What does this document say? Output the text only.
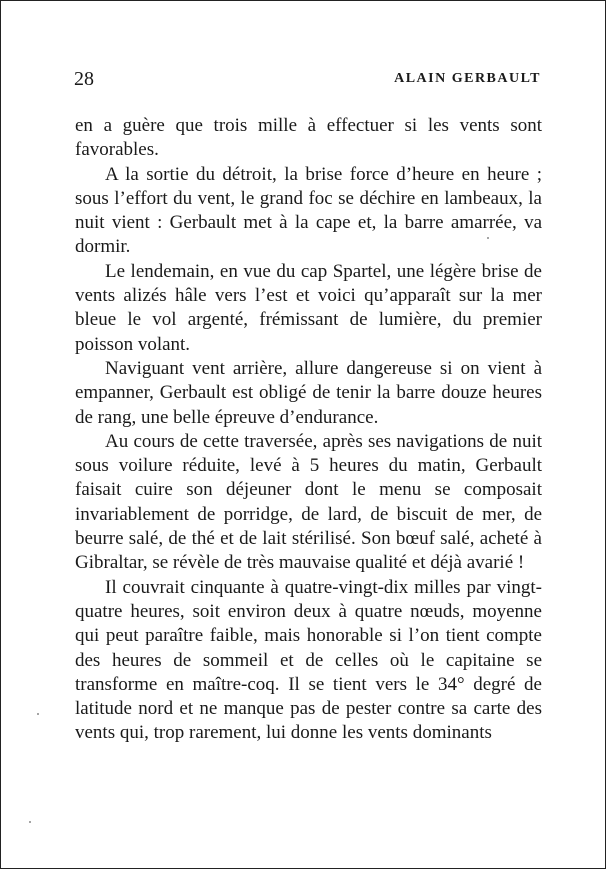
28	ALAIN GERBAULT

en a guère que trois mille à effectuer si les vents sont favorables.

A la sortie du détroit, la brise force d’heure en heure ; sous l’effort du vent, le grand foc se déchire en lambeaux, la nuit vient : Gerbault met à la cape et, la barre amarrée, va dormir.

Le lendemain, en vue du cap Spartel, une légère brise de vents alizés hâle vers l’est et voici qu’apparaît sur la mer bleue le vol argenté, frémissant de lumière, du premier poisson volant.

Naviguant vent arrière, allure dangereuse si on vient à empanner, Gerbault est obligé de tenir la barre douze heures de rang, une belle épreuve d’endurance.

Au cours de cette traversée, après ses navigations de nuit sous voilure réduite, levé à 5 heures du matin, Gerbault faisait cuire son déjeuner dont le menu se composait invariablement de porridge, de lard, de biscuit de mer, de beurre salé, de thé et de lait stérilisé. Son bœuf salé, acheté à Gibraltar, se révèle de très mauvaise qualité et déjà avarié !

Il couvrait cinquante à quatre-vingt-dix milles par vingt-quatre heures, soit environ deux à quatre nœuds, moyenne qui peut paraître faible, mais honorable si l’on tient compte des heures de sommeil et de celles où le capitaine se transforme en maître-coq. Il se tient vers le 34° degré de latitude nord et ne manque pas de pester contre sa carte des vents qui, trop rarement, lui donne les vents dominants
